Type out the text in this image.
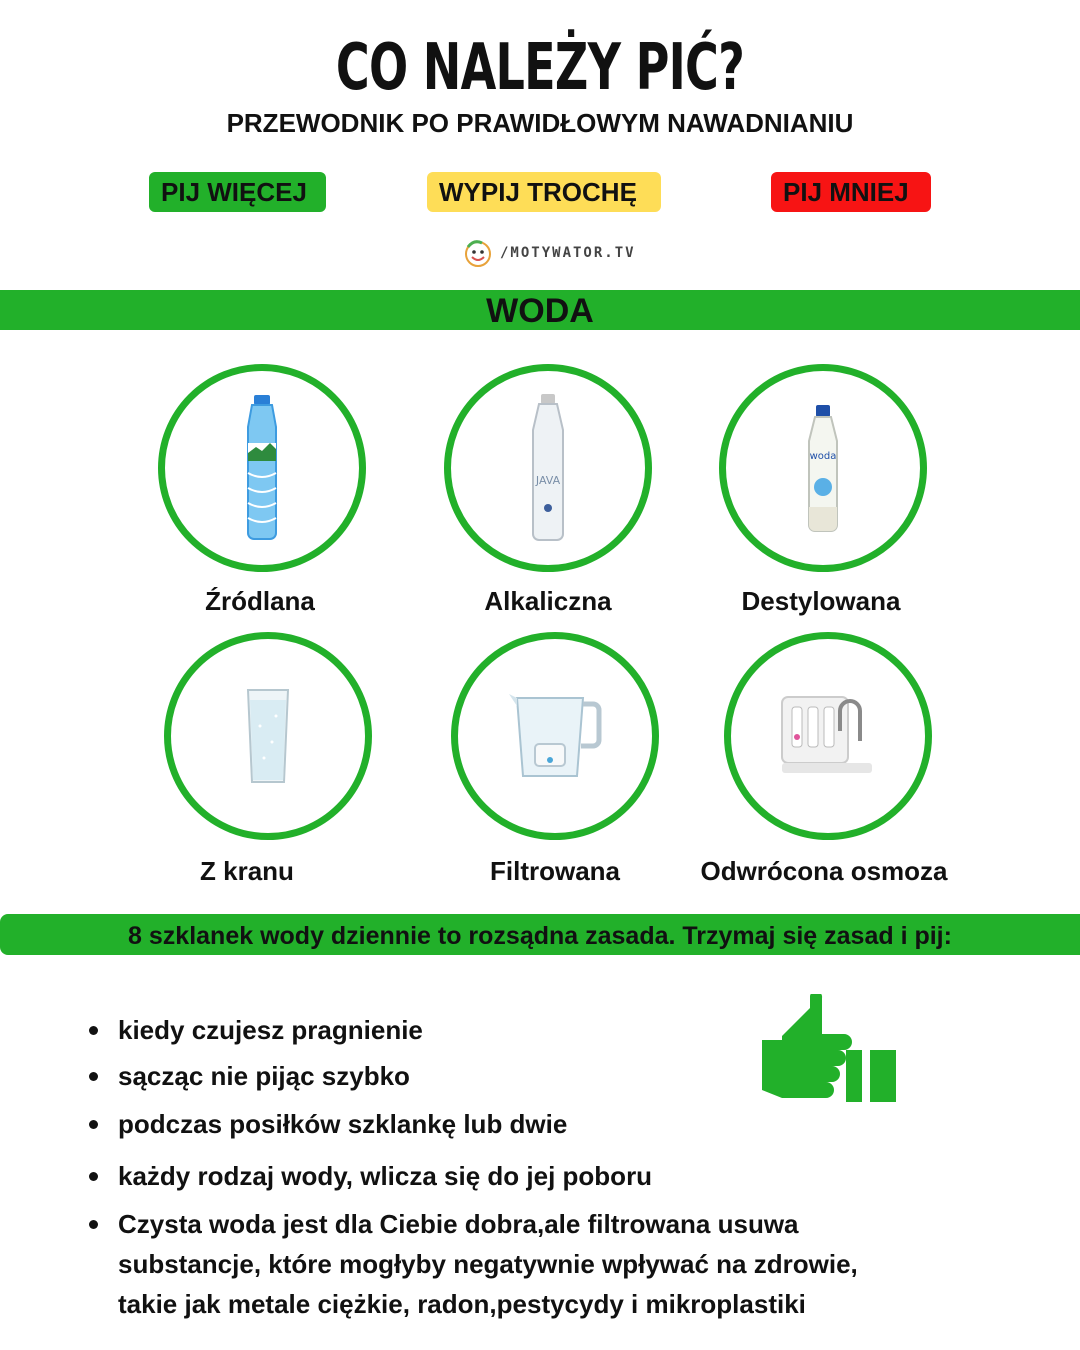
CO NALEŻY PIĆ?
PRZEWODNIK PO PRAWIDŁOWYM NAWADNIANIU
PIJ WIĘCEJ	WYPIJ TROCHĘ	PIJ MNIEJ
/MOTYWATOR.TV
WODA
JAVA
woda
Źródlana	Alkaliczna	Destylowana
Z kranu	Filtrowana	Odwrócona osmoza
8 szklanek wody dziennie to rozsądna zasada. Trzymaj się zasad i pij:
kiedy czujesz pragnienie
sącząc nie pijąc szybko
podczas posiłków szklankę lub dwie
każdy rodzaj wody, wlicza się do jej poboru
Czysta woda jest dla Ciebie dobra,ale filtrowana usuwa
substancje, które mogłyby negatywnie wpływać na zdrowie,
takie jak metale ciężkie, radon,pestycydy i mikroplastiki
